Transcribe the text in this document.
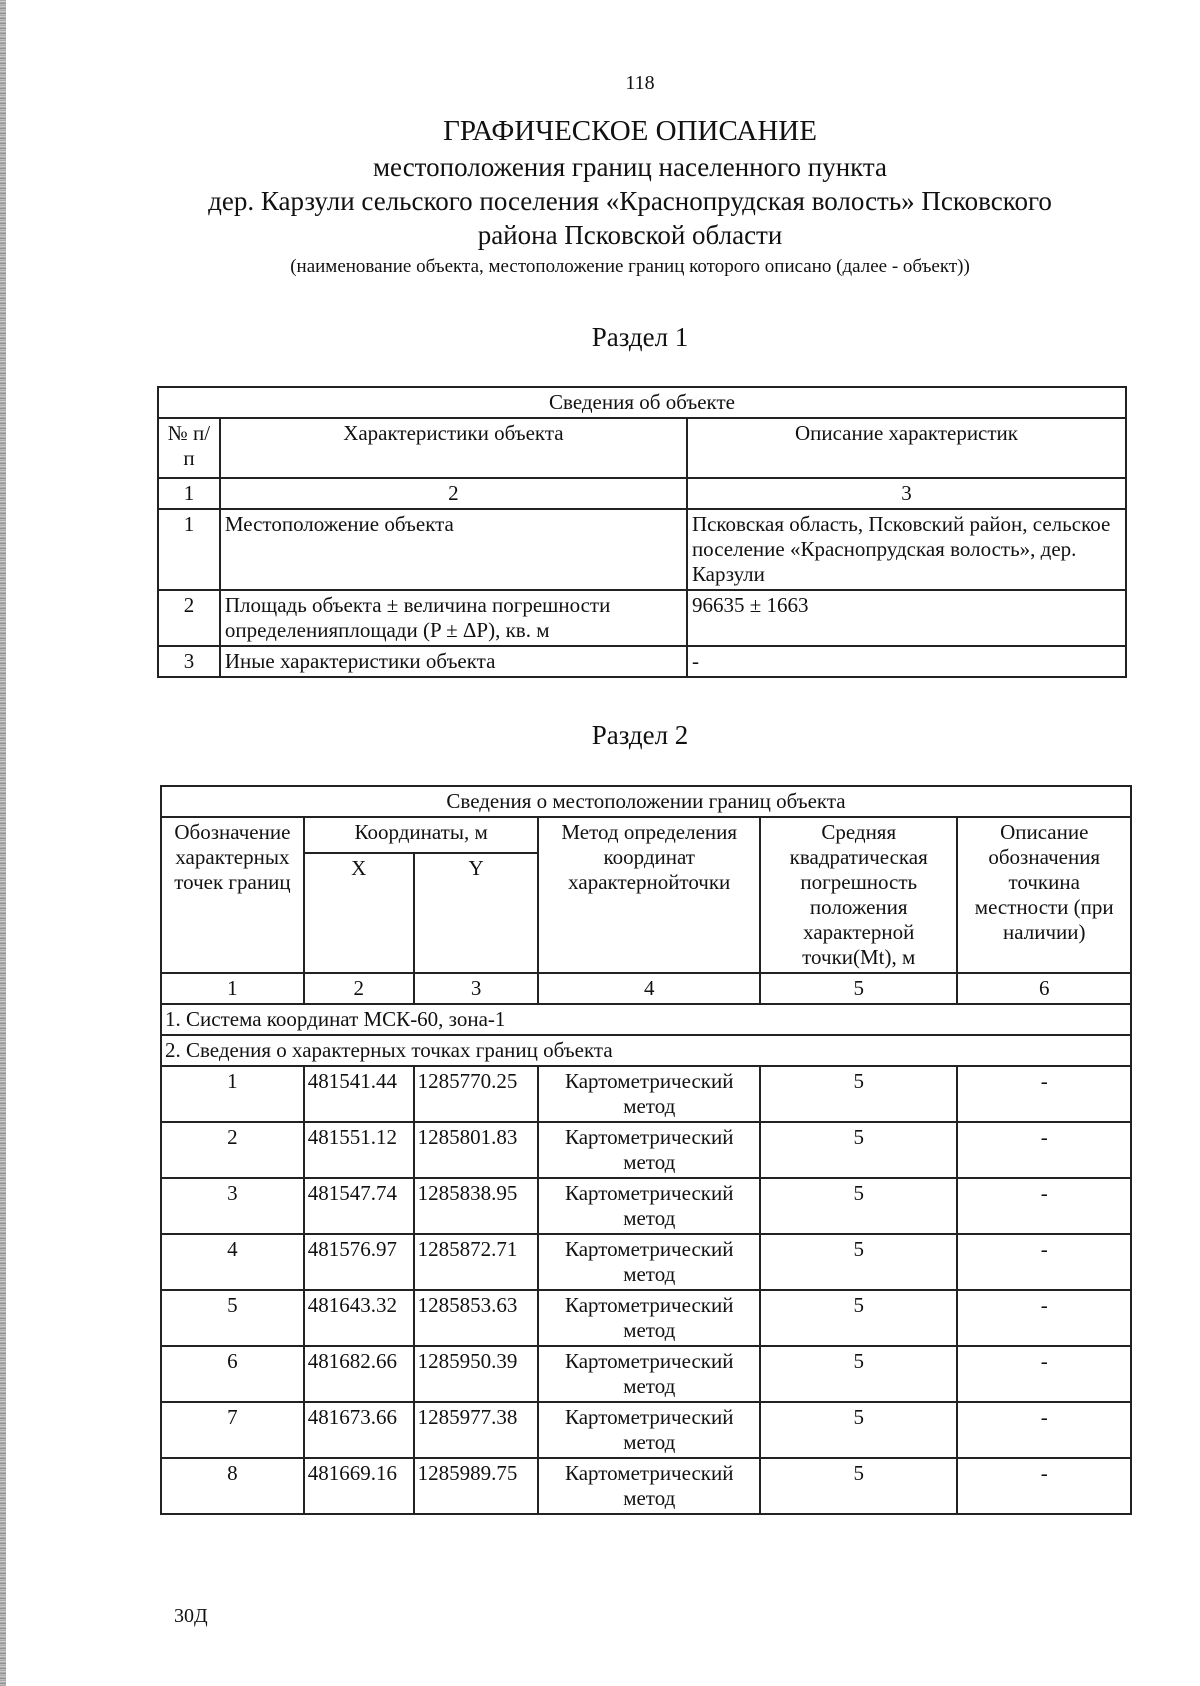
118
ГРАФИЧЕСКОЕ ОПИСАНИЕ
местоположения границ населенного пункта
дер. Карзули сельского поселения «Краснопрудская волость» Псковского
района Псковской области
(наименование объекта, местоположение границ которого описано (далее - объект))
Раздел 1
Сведения об объекте		
№ п/п	Характеристики объекта	Описание характеристик
1	2	3
1	Местоположение объекта	Псковская область, Псковский район, сельское поселение «Краснопрудская волость», дер. Карзули
2	Площадь объекта ± величина погрешности определенияплощади (P ± ΔP), кв. м	96635 ± 1663
3	Иные характеристики объекта	-
Раздел 2
Сведения о местоположении границ объекта					
Обозначение характерных точек границ	Координаты, м		Метод определения координат характернойточки	Средняя квадратическая погрешность положения характерной точки(Mt), м	Описание обозначения точкина местности (при наличии)
	X	Y			
1	2	3	4	5	6
1. Система координат МСК-60, зона-1					
2. Сведения о характерных точках границ объекта					
1	481541.44	1285770.25	Картометрический метод	5	-
2	481551.12	1285801.83	Картометрический метод	5	-
3	481547.74	1285838.95	Картометрический метод	5	-
4	481576.97	1285872.71	Картометрический метод	5	-
5	481643.32	1285853.63	Картометрический метод	5	-
6	481682.66	1285950.39	Картометрический метод	5	-
7	481673.66	1285977.38	Картометрический метод	5	-
8	481669.16	1285989.75	Картометрический метод	5	-
30Д
